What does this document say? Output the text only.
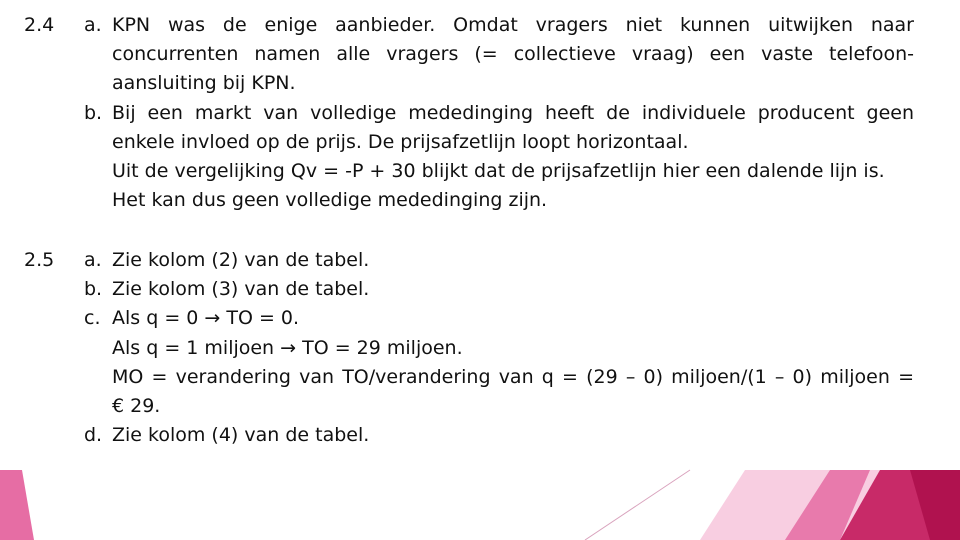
2.4 a. KPN was de enige aanbieder. Omdat vragers niet kunnen uitwijken naar
concurrenten namen alle vragers (= collectieve vraag) een vaste telefoon-
aansluiting bij KPN.
b. Bij een markt van volledige mededinging heeft de individuele producent geen
enkele invloed op de prijs. De prijsafzetlijn loopt horizontaal.
Uit de vergelijking Qv = -P + 30 blijkt dat de prijsafzetlijn hier een dalende lijn is.
Het kan dus geen volledige mededinging zijn.
2.5 a. Zie kolom (2) van de tabel.
b. Zie kolom (3) van de tabel.
c. Als q = 0 → TO = 0.
Als q = 1 miljoen → TO = 29 miljoen.
MO = verandering van TO/verandering van q = (29 – 0) miljoen/(1 – 0) miljoen =
€ 29.
d. Zie kolom (4) van de tabel.
